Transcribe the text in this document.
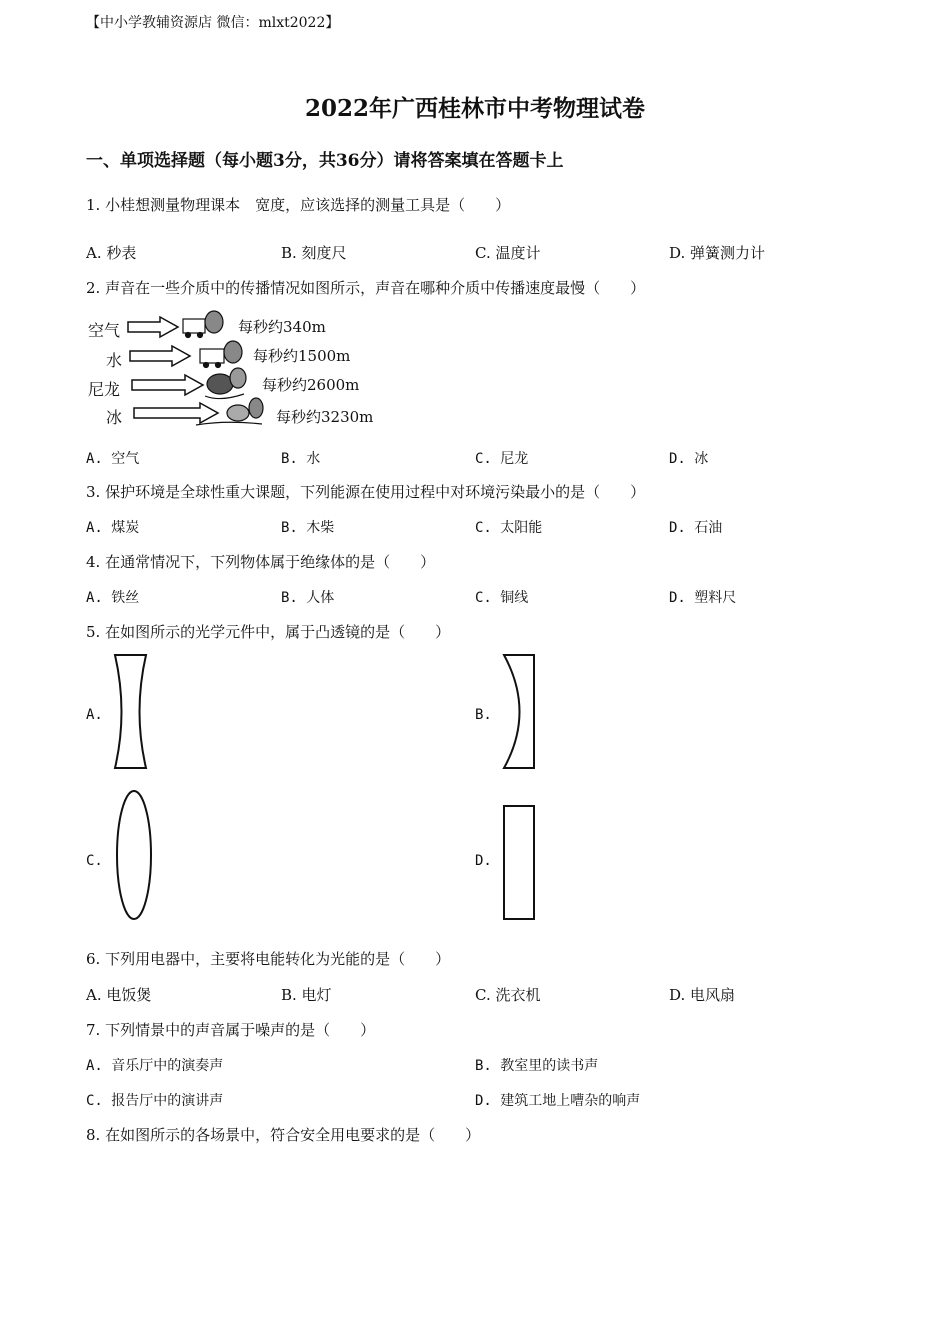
【中小学教辅资源店 微信：mlxt2022】
2022年广西桂林市中考物理试卷
一、单项选择题（每小题3分，共36分）请将答案填在答题卡上
1. 小桂想测量物理课本　宽度，应该选择的测量工具是（　　）
A. 秒表	B. 刻度尺	C. 温度计	D. 弹簧测力计
2. 声音在一些介质中的传播情况如图所示，声音在哪种介质中传播速度最慢（　　）
空气
水
尼龙
冰
每秒约340m
每秒约1500m
每秒约2600m
每秒约3230m
A. 空气	B. 水	C. 尼龙	D. 冰
3. 保护环境是全球性重大课题，下列能源在使用过程中对环境污染最小的是（　　）
A. 煤炭	B. 木柴	C. 太阳能	D. 石油
4. 在通常情况下，下列物体属于绝缘体的是（　　）
A. 铁丝	B. 人体	C. 铜线	D. 塑料尺
5. 在如图所示的光学元件中，属于凸透镜的是（　　）
A.	B.
C.	D.
6. 下列用电器中，主要将电能转化为光能的是（　　）
A. 电饭煲	B. 电灯	C. 洗衣机	D. 电风扇
7. 下列情景中的声音属于噪声的是（　　）
A. 音乐厅中的演奏声	B. 教室里的读书声
C. 报告厅中的演讲声	D. 建筑工地上嘈杂的响声
8. 在如图所示的各场景中，符合安全用电要求的是（　　）
